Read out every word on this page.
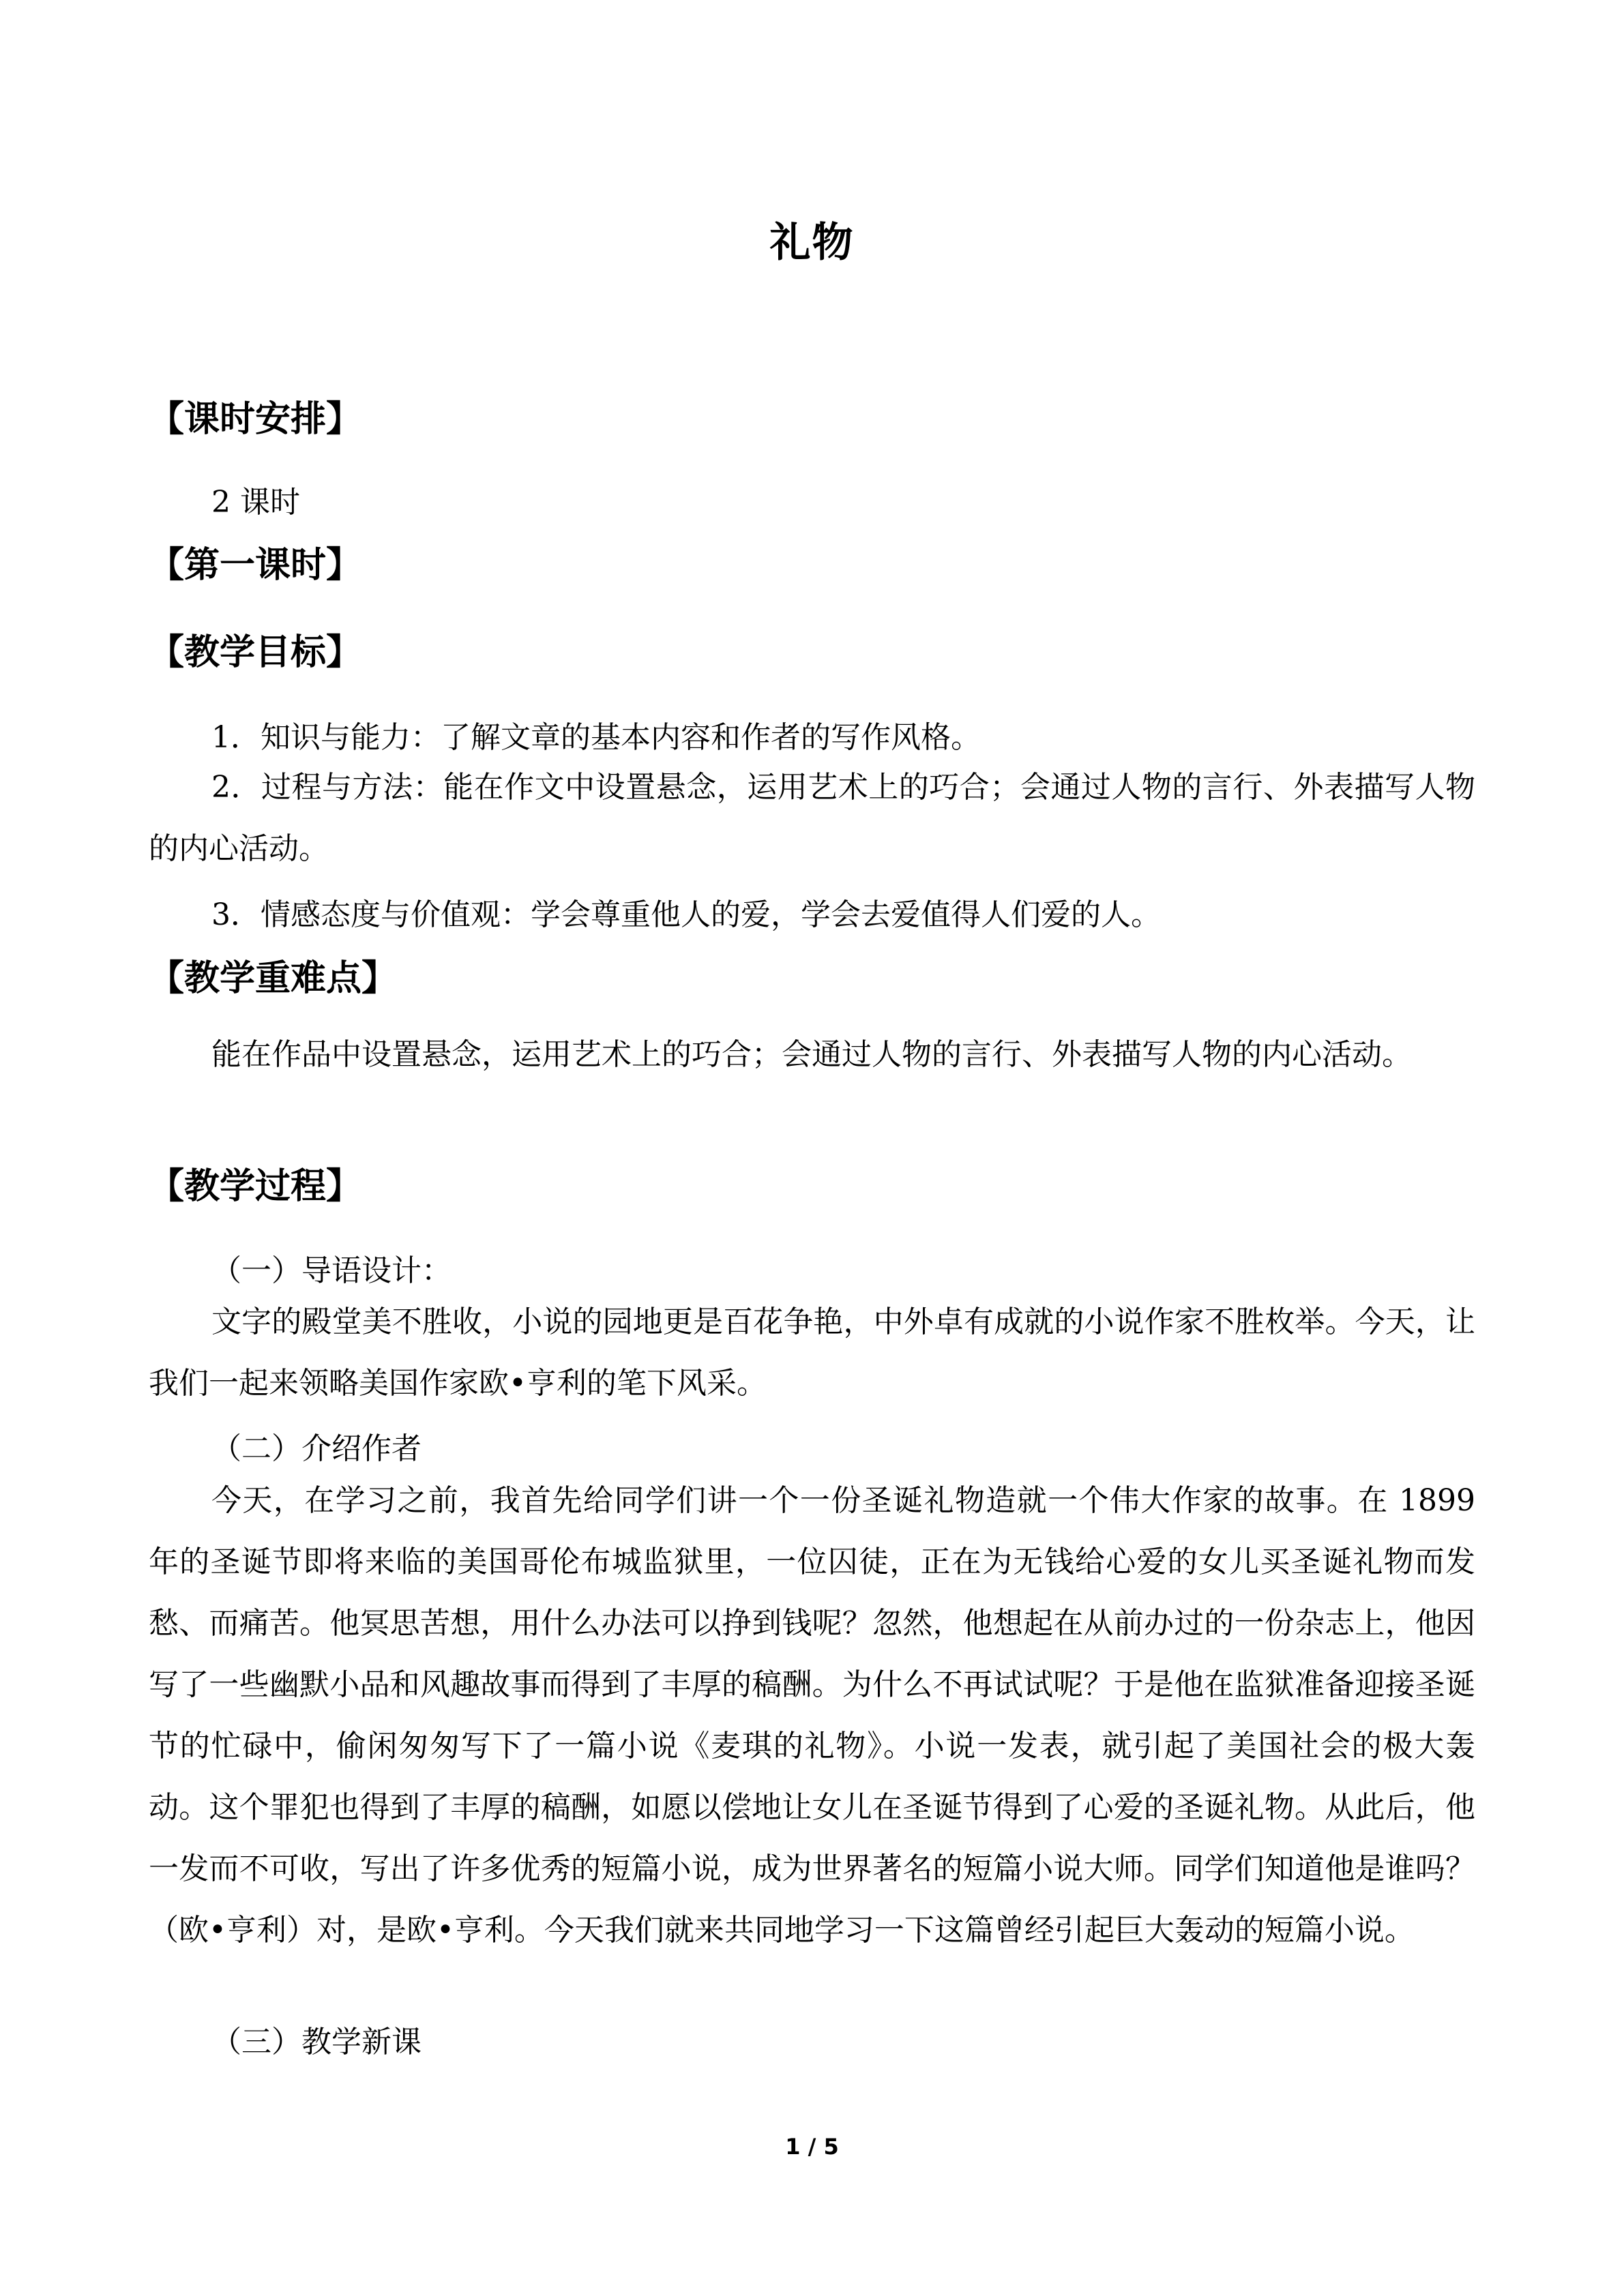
礼物
【课时安排】
2 课时
【第一课时】
【教学目标】
1．知识与能力：了解文章的基本内容和作者的写作风格。
2．过程与方法：能在作文中设置悬念，运用艺术上的巧合；会通过人物的言行、外表描写人物的内心活动。
3．情感态度与价值观：学会尊重他人的爱，学会去爱值得人们爱的人。
【教学重难点】
能在作品中设置悬念，运用艺术上的巧合；会通过人物的言行、外表描写人物的内心活动。
【教学过程】
（一）导语设计：
文字的殿堂美不胜收，小说的园地更是百花争艳，中外卓有成就的小说作家不胜枚举。今天，让我们一起来领略美国作家欧•亨利的笔下风采。
（二）介绍作者
今天，在学习之前，我首先给同学们讲一个一份圣诞礼物造就一个伟大作家的故事。在 1899 年的圣诞节即将来临的美国哥伦布城监狱里，一位囚徒，正在为无钱给心爱的女儿买圣诞礼物而发愁、而痛苦。他冥思苦想，用什么办法可以挣到钱呢？忽然，他想起在从前办过的一份杂志上，他因写了一些幽默小品和风趣故事而得到了丰厚的稿酬。为什么不再试试呢？于是他在监狱准备迎接圣诞节的忙碌中，偷闲匆匆写下了一篇小说《麦琪的礼物》。小说一发表，就引起了美国社会的极大轰动。这个罪犯也得到了丰厚的稿酬，如愿以偿地让女儿在圣诞节得到了心爱的圣诞礼物。从此后，他一发而不可收，写出了许多优秀的短篇小说，成为世界著名的短篇小说大师。同学们知道他是谁吗？（欧•亨利）对，是欧•亨利。今天我们就来共同地学习一下这篇曾经引起巨大轰动的短篇小说。
（三）教学新课
1 / 5
